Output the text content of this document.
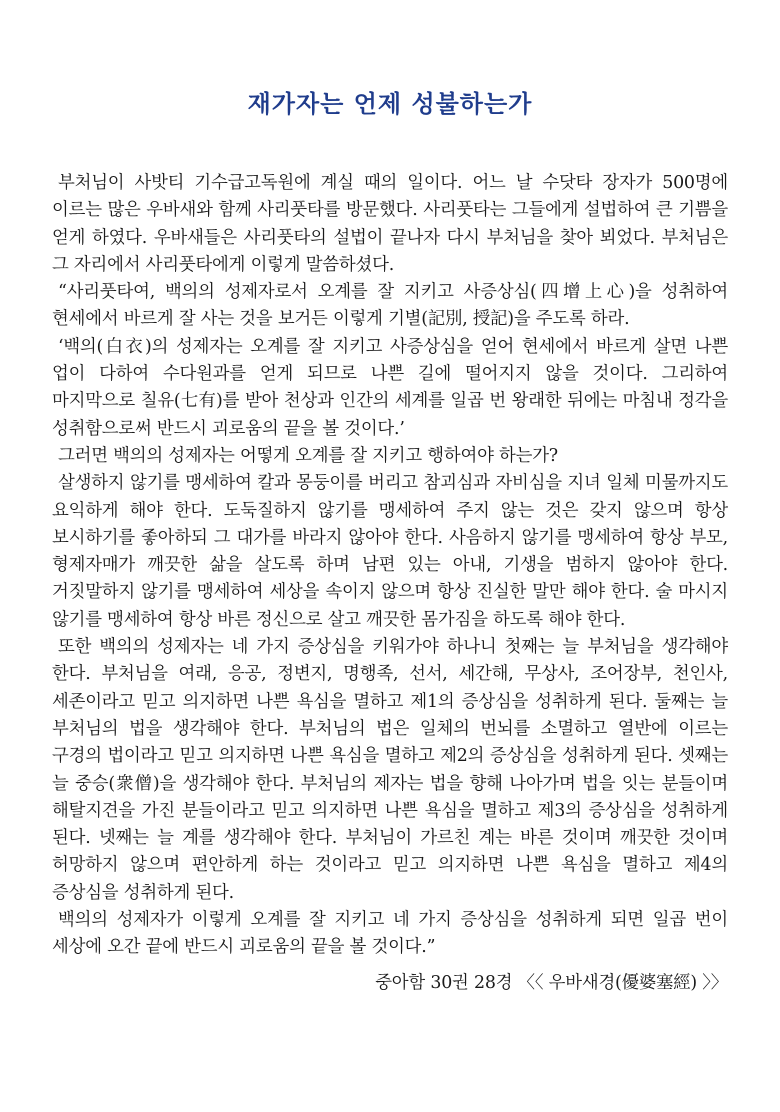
재가자는 언제 성불하는가

부처님이 사밧티 기수급고독원에 계실 때의 일이다. 어느 날 수닷타 장자가 500명에 이르는 많은 우바새와 함께 사리풋타를 방문했다. 사리풋타는 그들에게 설법하여 큰 기쁨을 얻게 하였다. 우바새들은 사리풋타의 설법이 끝나자 다시 부처님을 찾아 뵈었다. 부처님은 그 자리에서 사리풋타에게 이렇게 말씀하셨다.

“사리풋타여, 백의의 성제자로서 오계를 잘 지키고 사증상심(四增上心)을 성취하여 현세에서 바르게 잘 사는 것을 보거든 이렇게 기별(記別, 授記)을 주도록 하라.

‘백의(白衣)의 성제자는 오계를 잘 지키고 사증상심을 얻어 현세에서 바르게 살면 나쁜 업이 다하여 수다원과를 얻게 되므로 나쁜 길에 떨어지지 않을 것이다. 그리하여 마지막으로 칠유(七有)를 받아 천상과 인간의 세계를 일곱 번 왕래한 뒤에는 마침내 정각을 성취함으로써 반드시 괴로움의 끝을 볼 것이다.’

그러면 백의의 성제자는 어떻게 오계를 잘 지키고 행하여야 하는가?

살생하지 않기를 맹세하여 칼과 몽둥이를 버리고 참괴심과 자비심을 지녀 일체 미물까지도 요익하게 해야 한다. 도둑질하지 않기를 맹세하여 주지 않는 것은 갖지 않으며 항상 보시하기를 좋아하되 그 대가를 바라지 않아야 한다. 사음하지 않기를 맹세하여 항상 부모, 형제자매가 깨끗한 삶을 살도록 하며 남편 있는 아내, 기생을 범하지 않아야 한다. 거짓말하지 않기를 맹세하여 세상을 속이지 않으며 항상 진실한 말만 해야 한다. 술 마시지 않기를 맹세하여 항상 바른 정신으로 살고 깨끗한 몸가짐을 하도록 해야 한다.

또한 백의의 성제자는 네 가지 증상심을 키워가야 하나니 첫째는 늘 부처님을 생각해야 한다. 부처님을 여래, 응공, 정변지, 명행족, 선서, 세간해, 무상사, 조어장부, 천인사, 세존이라고 믿고 의지하면 나쁜 욕심을 멸하고 제1의 증상심을 성취하게 된다. 둘째는 늘 부처님의 법을 생각해야 한다. 부처님의 법은 일체의 번뇌를 소멸하고 열반에 이르는 구경의 법이라고 믿고 의지하면 나쁜 욕심을 멸하고 제2의 증상심을 성취하게 된다. 셋째는 늘 중승(衆僧)을 생각해야 한다. 부처님의 제자는 법을 향해 나아가며 법을 잇는 분들이며 해탈지견을 가진 분들이라고 믿고 의지하면 나쁜 욕심을 멸하고 제3의 증상심을 성취하게 된다. 넷째는 늘 계를 생각해야 한다. 부처님이 가르친 계는 바른 것이며 깨끗한 것이며 허망하지 않으며 편안하게 하는 것이라고 믿고 의지하면 나쁜 욕심을 멸하고 제4의 증상심을 성취하게 된다.

백의의 성제자가 이렇게 오계를 잘 지키고 네 가지 증상심을 성취하게 되면 일곱 번이 세상에 오간 끝에 반드시 괴로움의 끝을 볼 것이다.”

중아함 30권 28경 〈〈 우바새경(優婆塞經) 〉〉
